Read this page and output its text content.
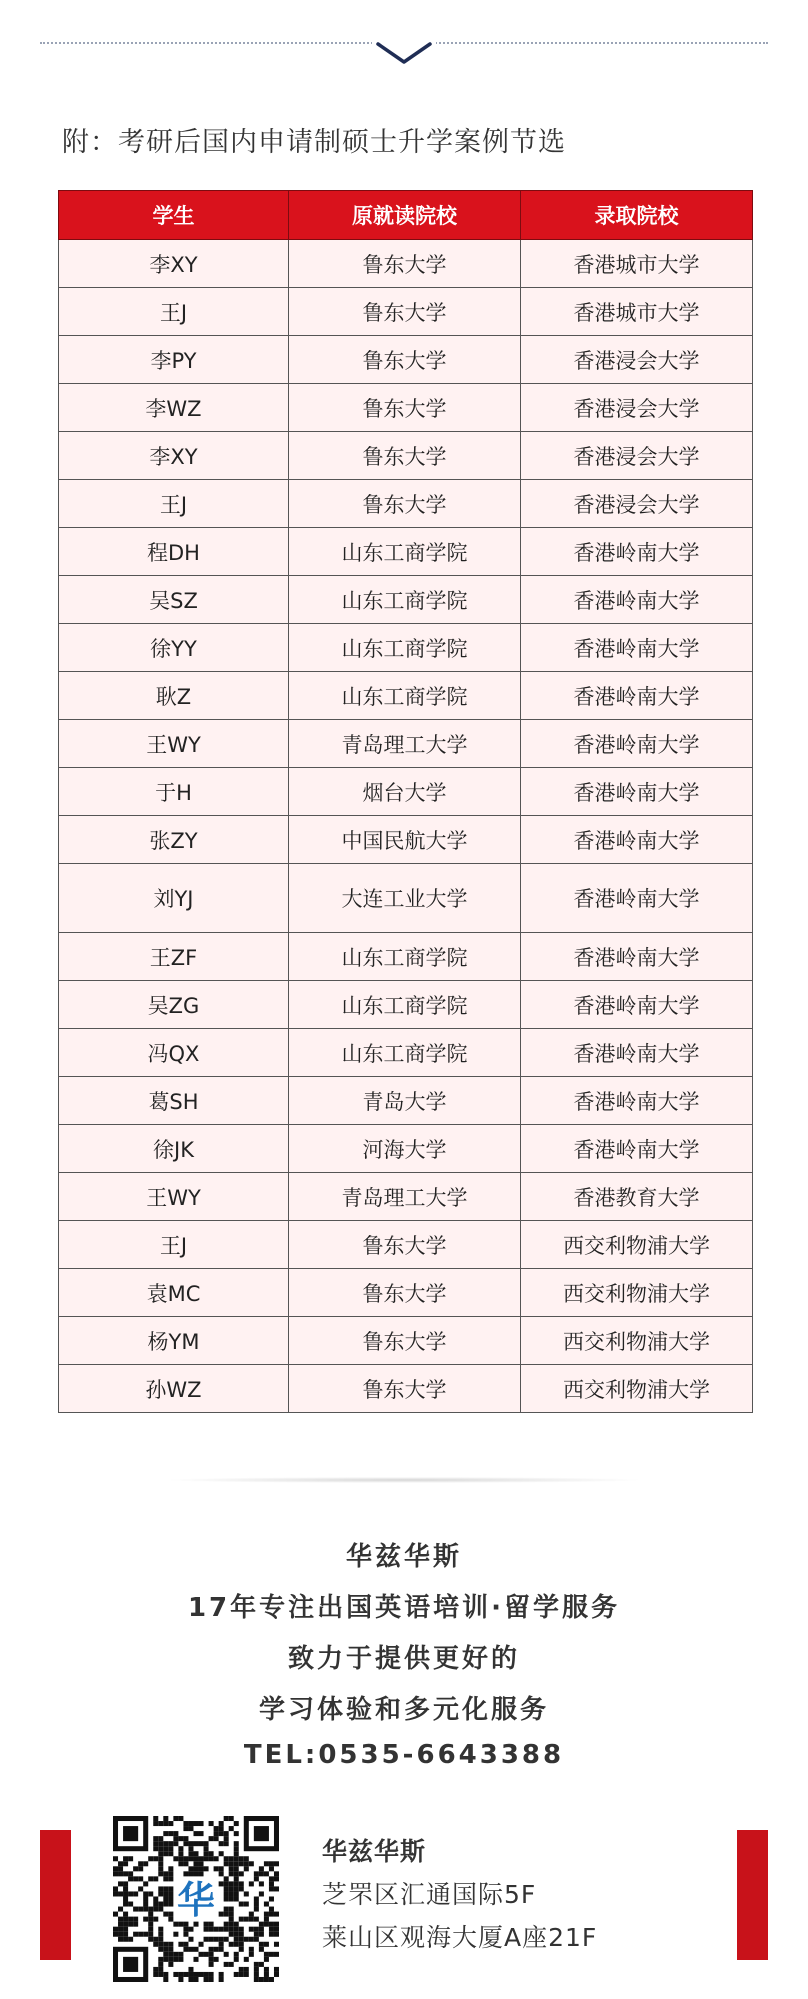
附：考研后国内申请制硕士升学案例节选
学生	原就读院校	录取院校
李XY	鲁东大学	香港城市大学
王J	鲁东大学	香港城市大学
李PY	鲁东大学	香港浸会大学
李WZ	鲁东大学	香港浸会大学
李XY	鲁东大学	香港浸会大学
王J	鲁东大学	香港浸会大学
程DH	山东工商学院	香港岭南大学
吴SZ	山东工商学院	香港岭南大学
徐YY	山东工商学院	香港岭南大学
耿Z	山东工商学院	香港岭南大学
王WY	青岛理工大学	香港岭南大学
于H	烟台大学	香港岭南大学
张ZY	中国民航大学	香港岭南大学
刘YJ	大连工业大学	香港岭南大学
王ZF	山东工商学院	香港岭南大学
吴ZG	山东工商学院	香港岭南大学
冯QX	山东工商学院	香港岭南大学
葛SH	青岛大学	香港岭南大学
徐JK	河海大学	香港岭南大学
王WY	青岛理工大学	香港教育大学
王J	鲁东大学	西交利物浦大学
袁MC	鲁东大学	西交利物浦大学
杨YM	鲁东大学	西交利物浦大学
孙WZ	鲁东大学	西交利物浦大学
华兹华斯
17年专注出国英语培训·留学服务
致力于提供更好的
学习体验和多元化服务
TEL:0535-6643388
华
华兹华斯
芝罘区汇通国际5F
莱山区观海大厦A座21F
